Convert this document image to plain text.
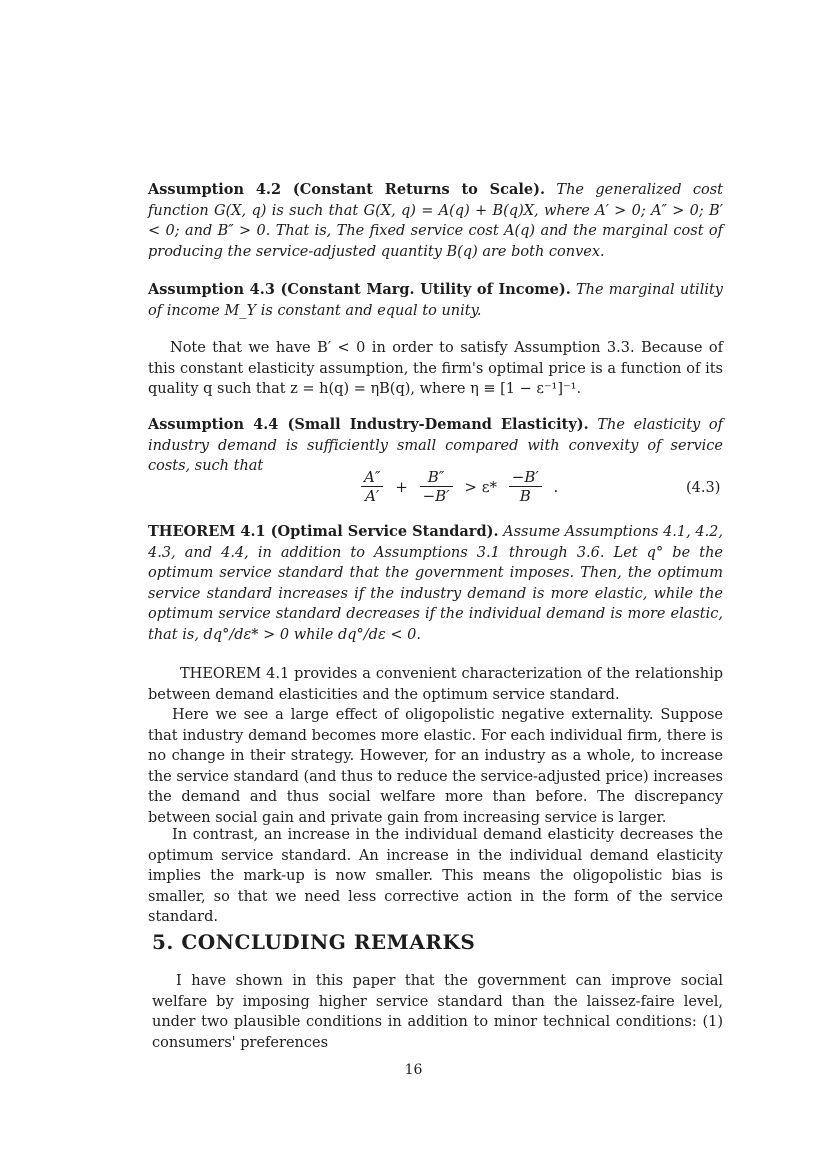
Assumption 4.2 (Constant Returns to Scale). The generalized cost function G(X, q) is such that G(X, q) = A(q) + B(q)X, where A′ > 0; A″ > 0; B′ < 0; and B″ > 0. That is, The fixed service cost A(q) and the marginal cost of producing the service-adjusted quantity B(q) are both convex.
Assumption 4.3 (Constant Marg. Utility of Income). The marginal utility of income M_Y is constant and equal to unity.
Note that we have B′ < 0 in order to satisfy Assumption 3.3. Because of this constant elasticity assumption, the firm's optimal price is a function of its quality q such that z = h(q) = ηB(q), where η ≡ [1 − ε⁻¹]⁻¹.
Assumption 4.4 (Small Industry-Demand Elasticity). The elasticity of industry demand is sufficiently small compared with convexity of service costs, such that
$\frac{A''}{A'} + \frac{B''}{-B'} > \varepsilon* \frac{-B'}{B}$ .	(4.3)
THEOREM 4.1 (Optimal Service Standard). Assume Assumptions 4.1, 4.2, 4.3, and 4.4, in addition to Assumptions 3.1 through 3.6. Let q° be the optimum service standard that the government imposes. Then, the optimum service standard increases if the industry demand is more elastic, while the optimum service standard decreases if the individual demand is more elastic, that is, dq°/dε* > 0 while dq°/dε < 0.
THEOREM 4.1 provides a convenient characterization of the relationship between demand elasticities and the optimum service standard.
Here we see a large effect of oligopolistic negative externality. Suppose that industry demand becomes more elastic. For each individual firm, there is no change in their strategy. However, for an industry as a whole, to increase the service standard (and thus to reduce the service-adjusted price) increases the demand and thus social welfare more than before. The discrepancy between social gain and private gain from increasing service is larger.
In contrast, an increase in the individual demand elasticity decreases the optimum service standard. An increase in the individual demand elasticity implies the mark-up is now smaller. This means the oligopolistic bias is smaller, so that we need less corrective action in the form of the service standard.
5. CONCLUDING REMARKS
I have shown in this paper that the government can improve social welfare by imposing higher service standard than the laissez-faire level, under two plausible conditions in addition to minor technical conditions: (1) consumers' preferences
16
